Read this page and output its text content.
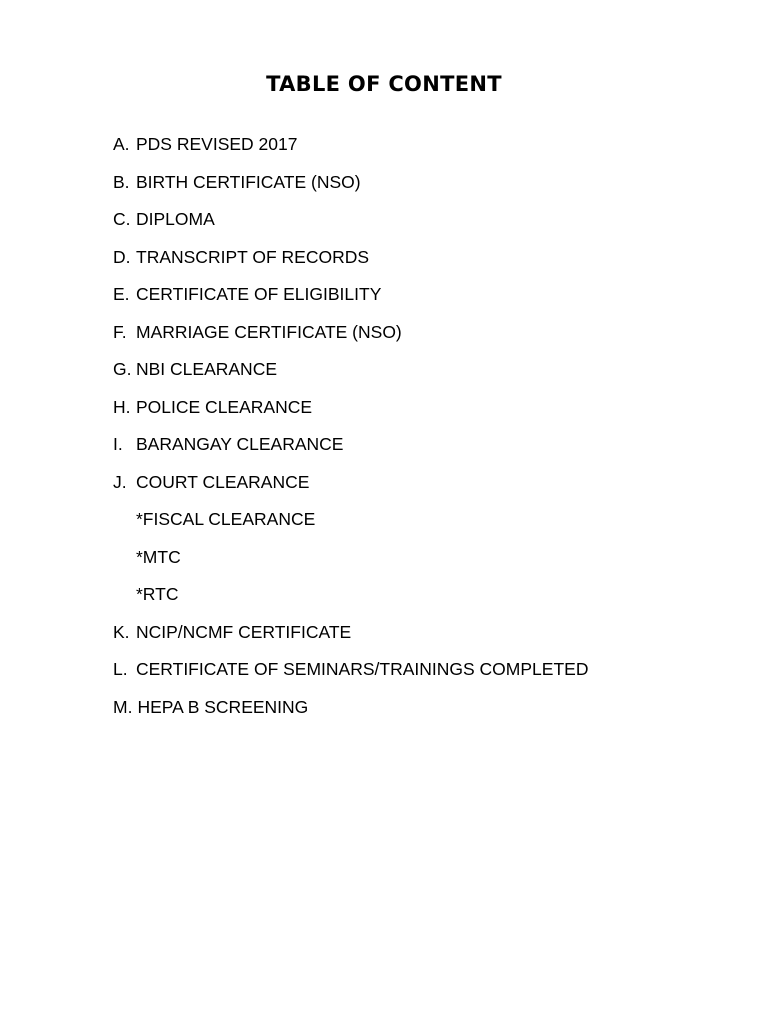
TABLE OF CONTENT
A. PDS REVISED 2017
B. BIRTH CERTIFICATE (NSO)
C. DIPLOMA
D. TRANSCRIPT OF RECORDS
E. CERTIFICATE OF ELIGIBILITY
F. MARRIAGE CERTIFICATE (NSO)
G. NBI CLEARANCE
H. POLICE CLEARANCE
I. BARANGAY CLEARANCE
J. COURT CLEARANCE
*FISCAL CLEARANCE
*MTC
*RTC
K. NCIP/NCMF CERTIFICATE
L. CERTIFICATE OF SEMINARS/TRAININGS COMPLETED
M. HEPA B SCREENING
